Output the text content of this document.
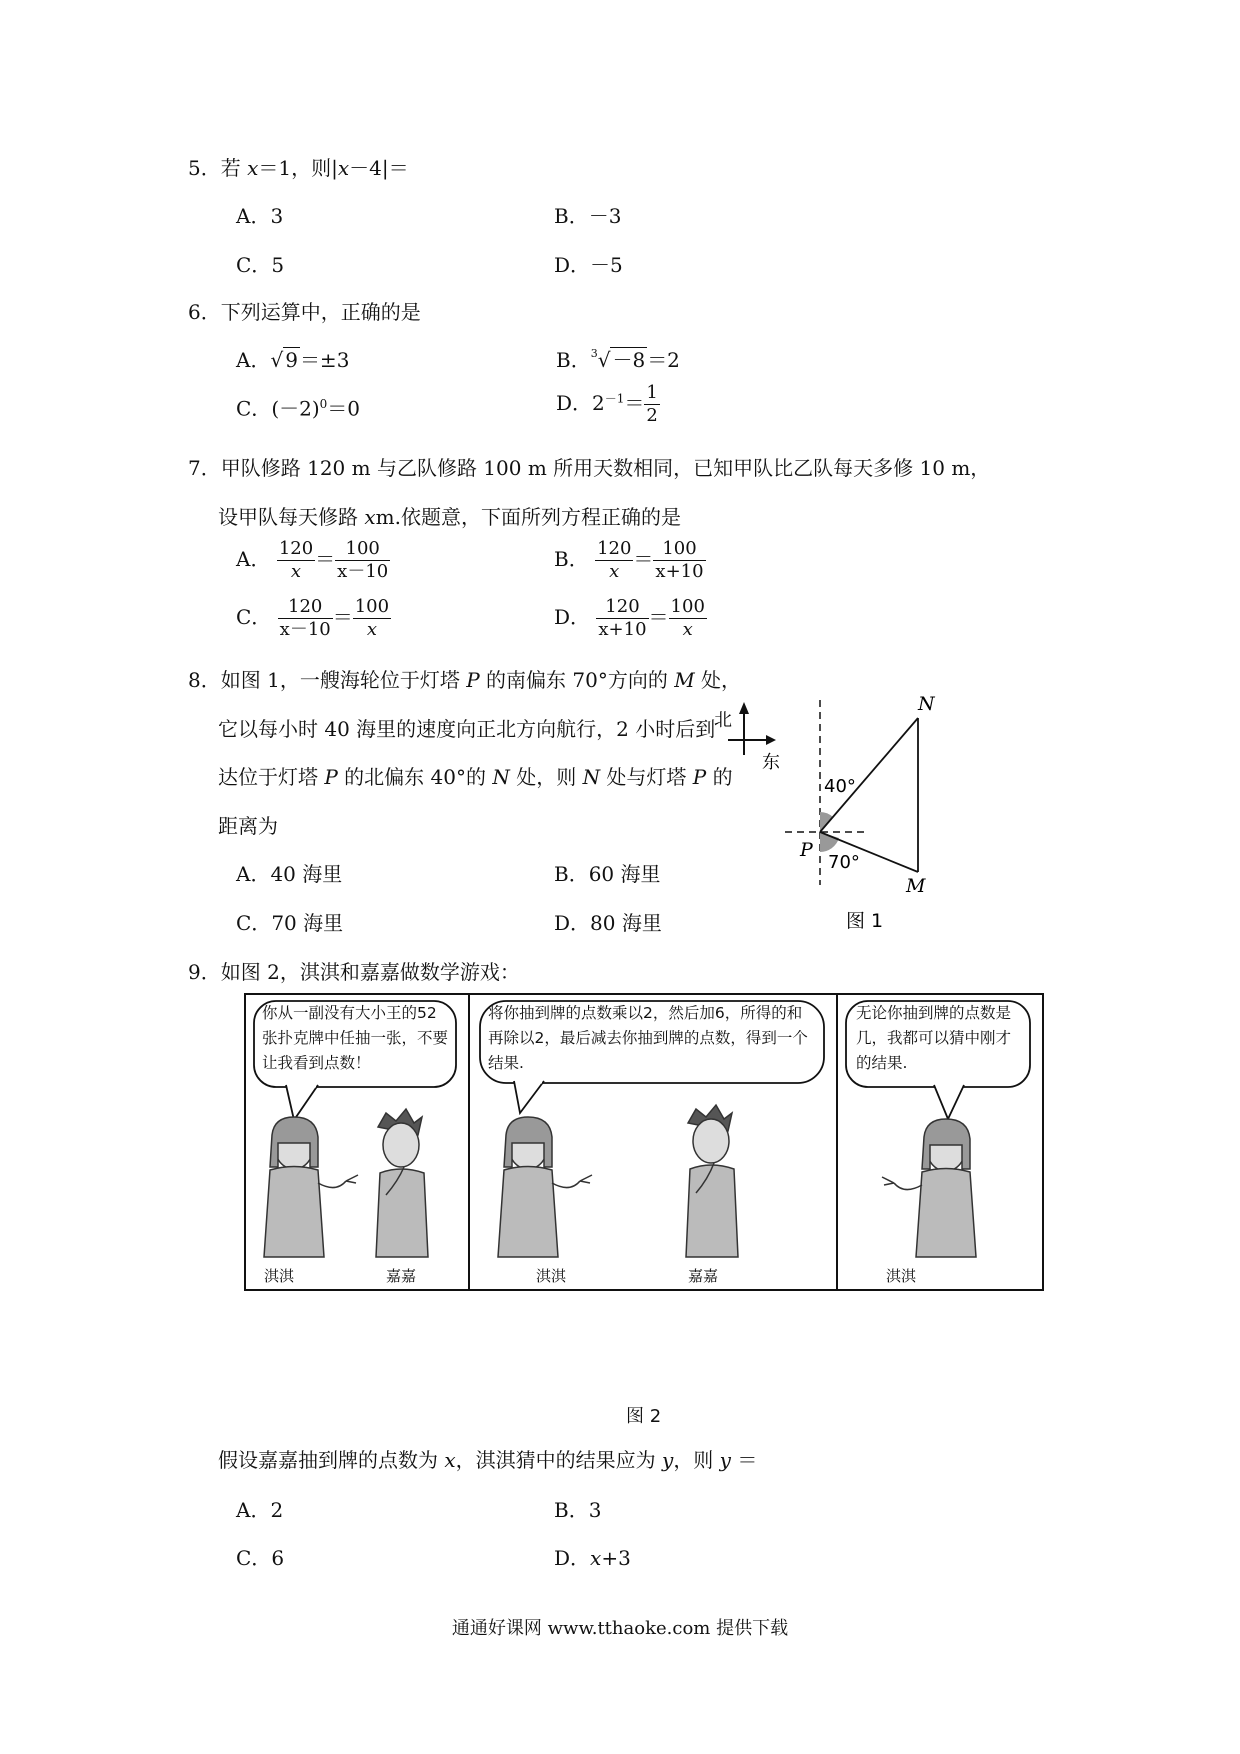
5．若 x＝1，则|x－4|＝
A．3	B．－3
C．5	D．－5
6．下列运算中，正确的是
A．√ 9 ＝±3	B．$^3$√ －8 ＝2
C．$(-2)^0=0$	D．$2^{-1}= \frac{1}{2}$
7．甲队修路 120 m 与乙队修路 100 m 所用天数相同，已知甲队比乙队每天多修 10 m，
设甲队每天修路 xm.依题意，下面所列方程正确的是
A． $\frac{120}{x} = \frac{100}{x-10}$	B． $\frac{120}{x} = \frac{100}{x+10}$
C． $\frac{120}{x-10} = \frac{100}{x}$	D． $\frac{120}{x+10} = \frac{100}{x}$
8．如图 1，一艘海轮位于灯塔 P 的南偏东 70°方向的 M 处，
它以每小时 40 海里的速度向正北方向航行，2 小时后到
达位于灯塔 P 的北偏东 40°的 N 处，则 N 处与灯塔 P 的
距离为
A．40 海里	B．60 海里
C．70 海里	D．80 海里
北
东
40°
70°
P
N
M
图 1
9．如图 2，淇淇和嘉嘉做数学游戏：
你从一副没有大小王的52张扑克牌中任抽一张，不要让我看到点数！
淇淇	嘉嘉
将你抽到牌的点数乘以2，然后加6，所得的和再除以2，最后减去你抽到牌的点数，得到一个结果.
淇淇	嘉嘉
无论你抽到牌的点数是几，我都可以猜中刚才的结果.
淇淇
图 2
假设嘉嘉抽到牌的点数为 x，淇淇猜中的结果应为 y，则 y ＝
A．2	B．3
C．6	D．x+3
通通好课网 www.tthaoke.com 提供下载
